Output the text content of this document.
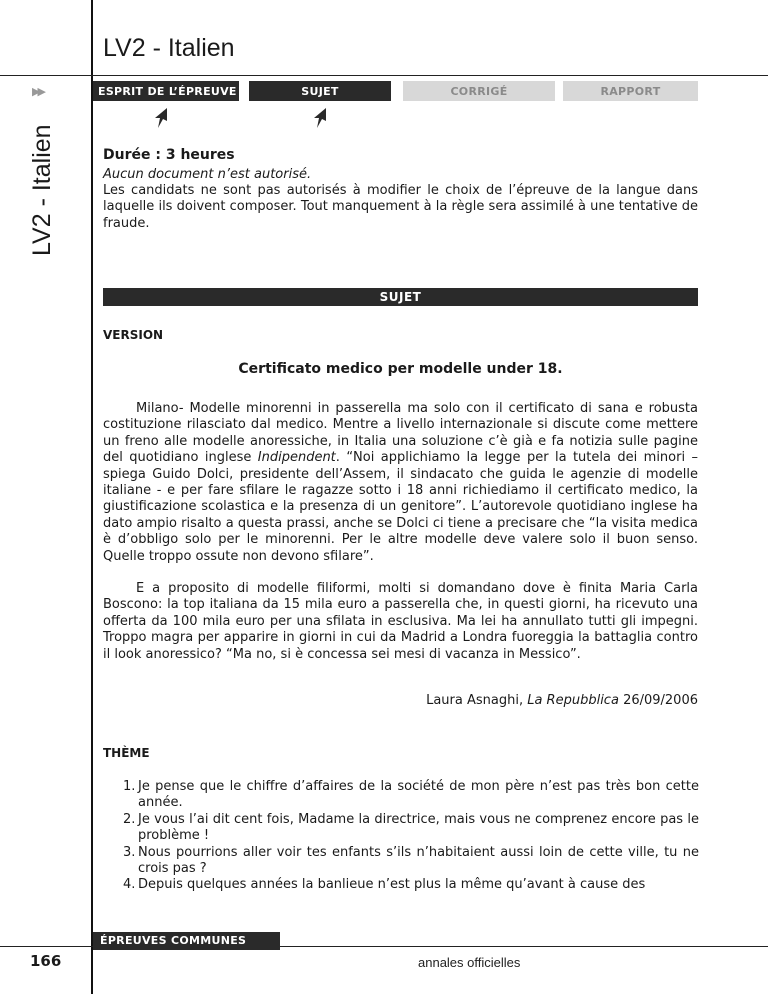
LV2 - Italien
LV2 - Italien
▶▶	ESPRIT DE L’ÉPREUVE	SUJET	CORRIGÉ	RAPPORT
Durée : 3 heures
Aucun document n’est autorisé.
Les candidats ne sont pas autorisés à modifier le choix de l’épreuve de la langue dans laquelle ils doivent composer. Tout manquement à la règle sera assimilé à une tentative de fraude.
SUJET
VERSION
Certificato medico per modelle under 18.
Milano- Modelle minorenni in passerella ma solo con il certificato di sana e robusta costituzione rilasciato dal medico. Mentre a livello internazionale si discute come mettere un freno alle modelle anoressiche, in Italia una soluzione c’è già e fa notizia sulle pagine del quotidiano inglese Indipendent. “Noi applichiamo la legge per la tutela dei minori – spiega Guido Dolci, presidente dell’Assem, il sindacato che guida le agenzie di modelle italiane - e per fare sfilare le ragazze sotto i 18 anni richiediamo il certificato medico, la giustificazione scolastica e la presenza di un genitore”. L’autorevole quotidiano inglese ha dato ampio risalto a questa prassi, anche se Dolci ci tiene a precisare che “la visita medica è d’obbligo solo per le minorenni. Per le altre modelle deve valere solo il buon senso. Quelle troppo ossute non devono sfilare”.
E a proposito di modelle filiformi, molti si domandano dove è finita Maria Carla Boscono: la top italiana da 15 mila euro a passerella che, in questi giorni, ha ricevuto una offerta da 100 mila euro per una sfilata in esclusiva. Ma lei ha annullato tutti gli impegni. Troppo magra per apparire in giorni in cui da Madrid a Londra fuoreggia la battaglia contro il look anoressico? “Ma no, si è concessa sei mesi di vacanza in Messico”.
Laura Asnaghi, La Repubblica 26/09/2006
THÈME
1. Je pense que le chiffre d’affaires de la société de mon père n’est pas très bon cette année.
2. Je vous l’ai dit cent fois, Madame la directrice, mais vous ne comprenez encore pas le problème !
3. Nous pourrions aller voir tes enfants s’ils n’habitaient aussi loin de cette ville, tu ne crois pas ?
4. Depuis quelques années la banlieue n’est plus la même qu’avant à cause des
ÉPREUVES COMMUNES
166	annales officielles
